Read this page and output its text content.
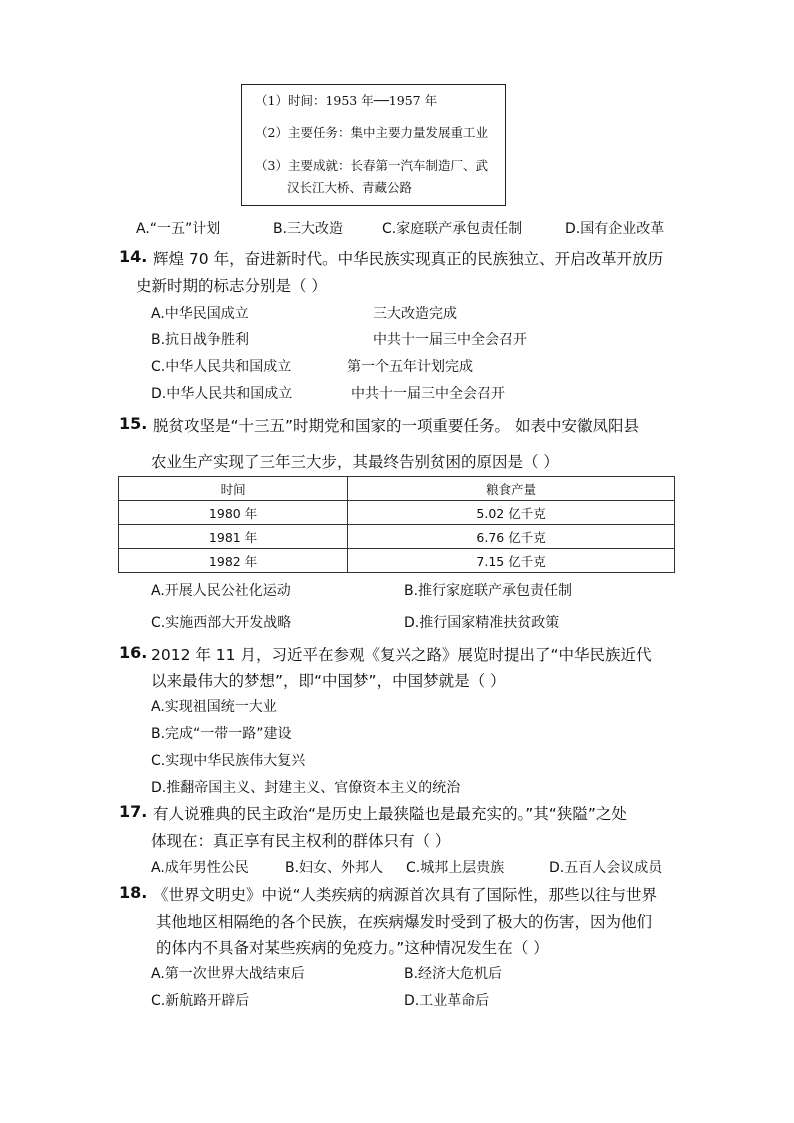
（1）时间：1953 年──1957 年
（2）主要任务：集中主要力量发展重工业
（3）主要成就：长春第一汽车制造厂、武
汉长江大桥、青藏公路
A.“一五”计划	B.三大改造	C.家庭联产承包责任制	D.国有企业改革
14. 辉煌 70 年，奋进新时代。中华民族实现真正的民族独立、开启改革开放历
史新时期的标志分别是（ ）
A.中华民国成立	三大改造完成
B.抗日战争胜利	中共十一届三中全会召开
C.中华人民共和国成立	第一个五年计划完成
D.中华人民共和国成立	中共十一届三中全会召开
15. 脱贫攻坚是“十三五”时期党和国家的一项重要任务。 如表中安徽凤阳县
农业生产实现了三年三大步，其最终告别贫困的原因是（ ）
时间	粮食产量
1980 年	5.02 亿千克
1981 年	6.76 亿千克
1982 年	7.15 亿千克
A.开展人民公社化运动	B.推行家庭联产承包责任制
C.实施西部大开发战略	D.推行国家精准扶贫政策
16. 2012 年 11 月，习近平在参观《复兴之路》展览时提出了“中华民族近代
以来最伟大的梦想”，即“中国梦”，中国梦就是（ ）
A.实现祖国统一大业
B.完成“一带一路”建设
C.实现中华民族伟大复兴
D.推翻帝国主义、封建主义、官僚资本主义的统治
17. 有人说雅典的民主政治“是历史上最狭隘也是最充实的。”其“狭隘”之处
体现在：真正享有民主权利的群体只有（ ）
A.成年男性公民	B.妇女、外邦人 C.城邦上层贵族	D.五百人会议成员
18. 《世界文明史》中说“人类疾病的病源首次具有了国际性，那些以往与世界
其他地区相隔绝的各个民族，在疾病爆发时受到了极大的伤害，因为他们
的体内不具备对某些疾病的免疫力。”这种情况发生在（ ）
A.第一次世界大战结束后	B.经济大危机后
C.新航路开辟后	D.工业革命后
